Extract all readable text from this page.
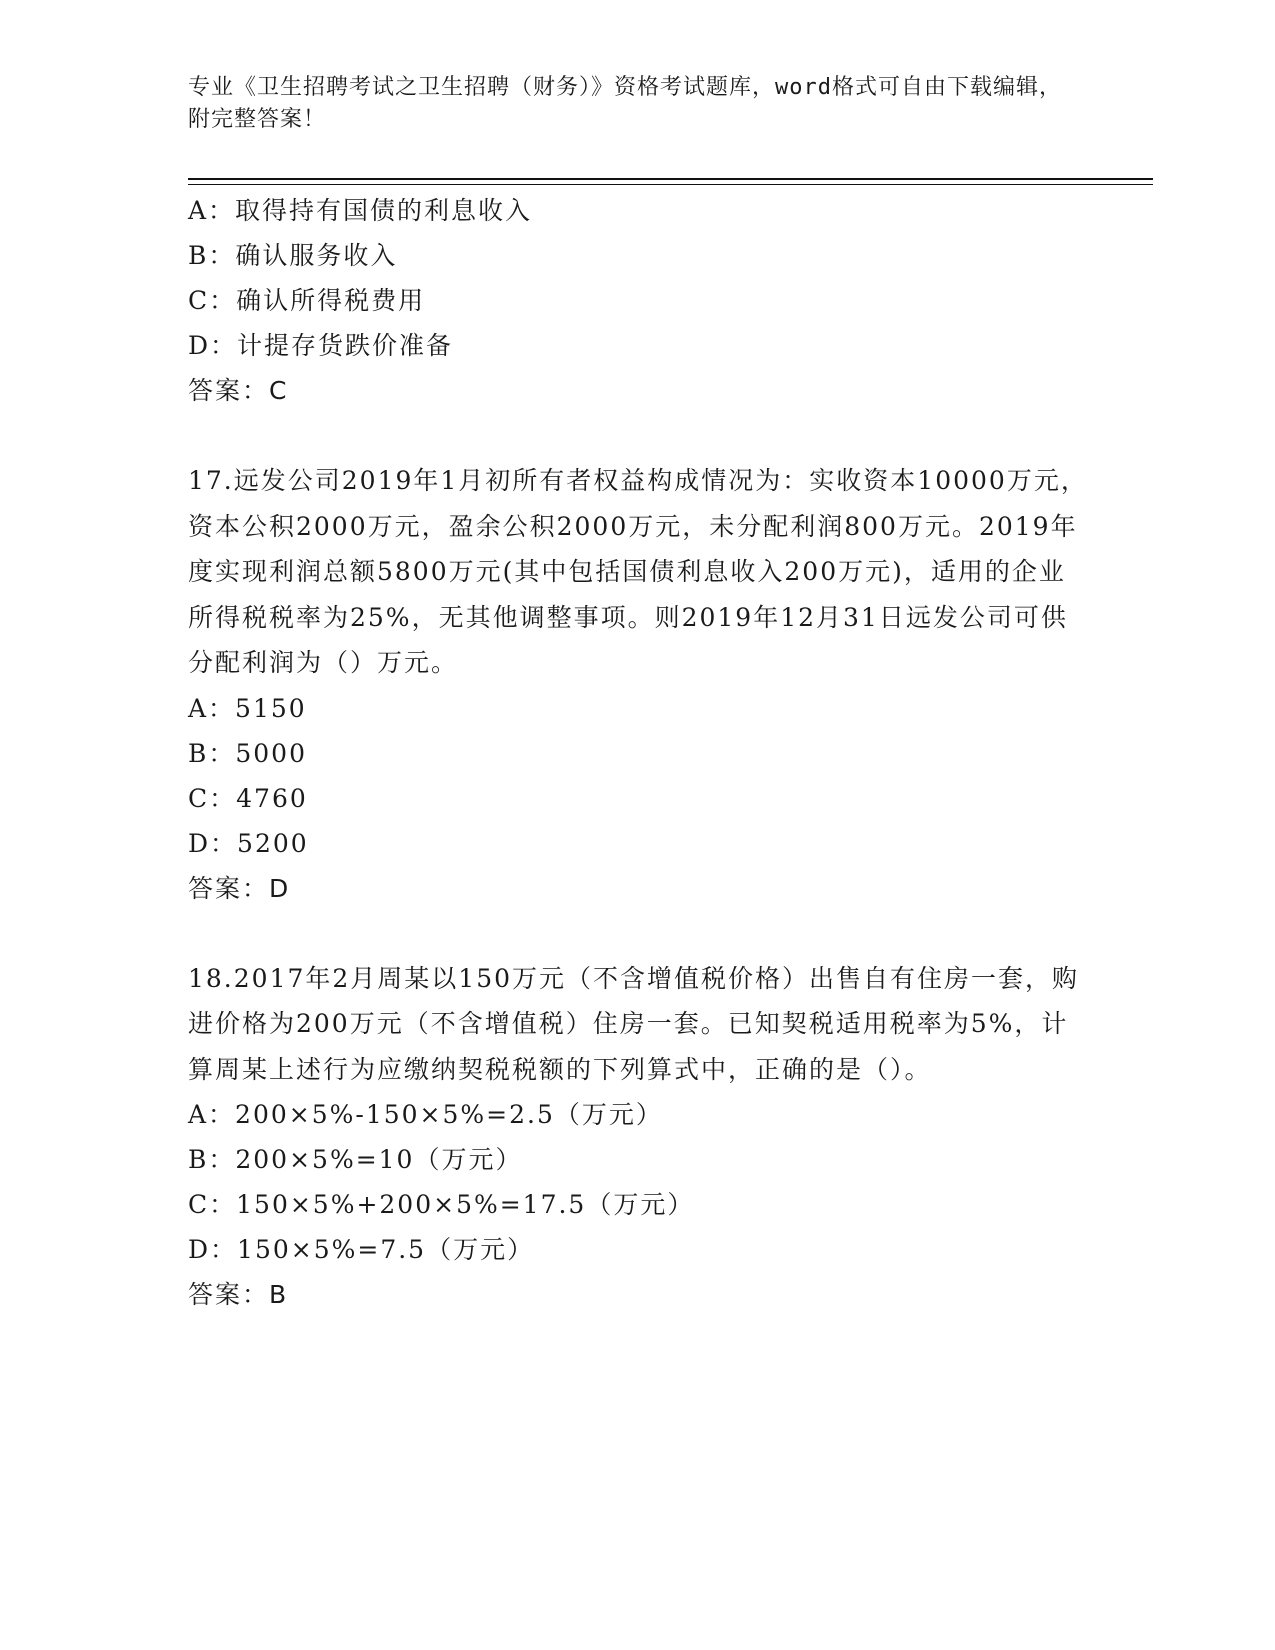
专业《卫生招聘考试之卫生招聘（财务）》资格考试题库，word格式可自由下载编辑，附完整答案！
A：取得持有国债的利息收入
B：确认服务收入
C：确认所得税费用
D：计提存货跌价准备
答案：C
17.远发公司2019年1月初所有者权益构成情况为：实收资本10000万元，资本公积2000万元，盈余公积2000万元，未分配利润800万元。2019年度实现利润总额5800万元(其中包括国债利息收入200万元)，适用的企业所得税税率为25%，无其他调整事项。则2019年12月31日远发公司可供分配利润为（）万元。
A：5150
B：5000
C：4760
D：5200
答案：D
18.2017年2月周某以150万元（不含增值税价格）出售自有住房一套，购进价格为200万元（不含增值税）住房一套。已知契税适用税率为5%，计算周某上述行为应缴纳契税税额的下列算式中，正确的是（）。
A：200×5%-150×5%=2.5（万元）
B：200×5%=10（万元）
C：150×5%+200×5%=17.5（万元）
D：150×5%=7.5（万元）
答案：B
